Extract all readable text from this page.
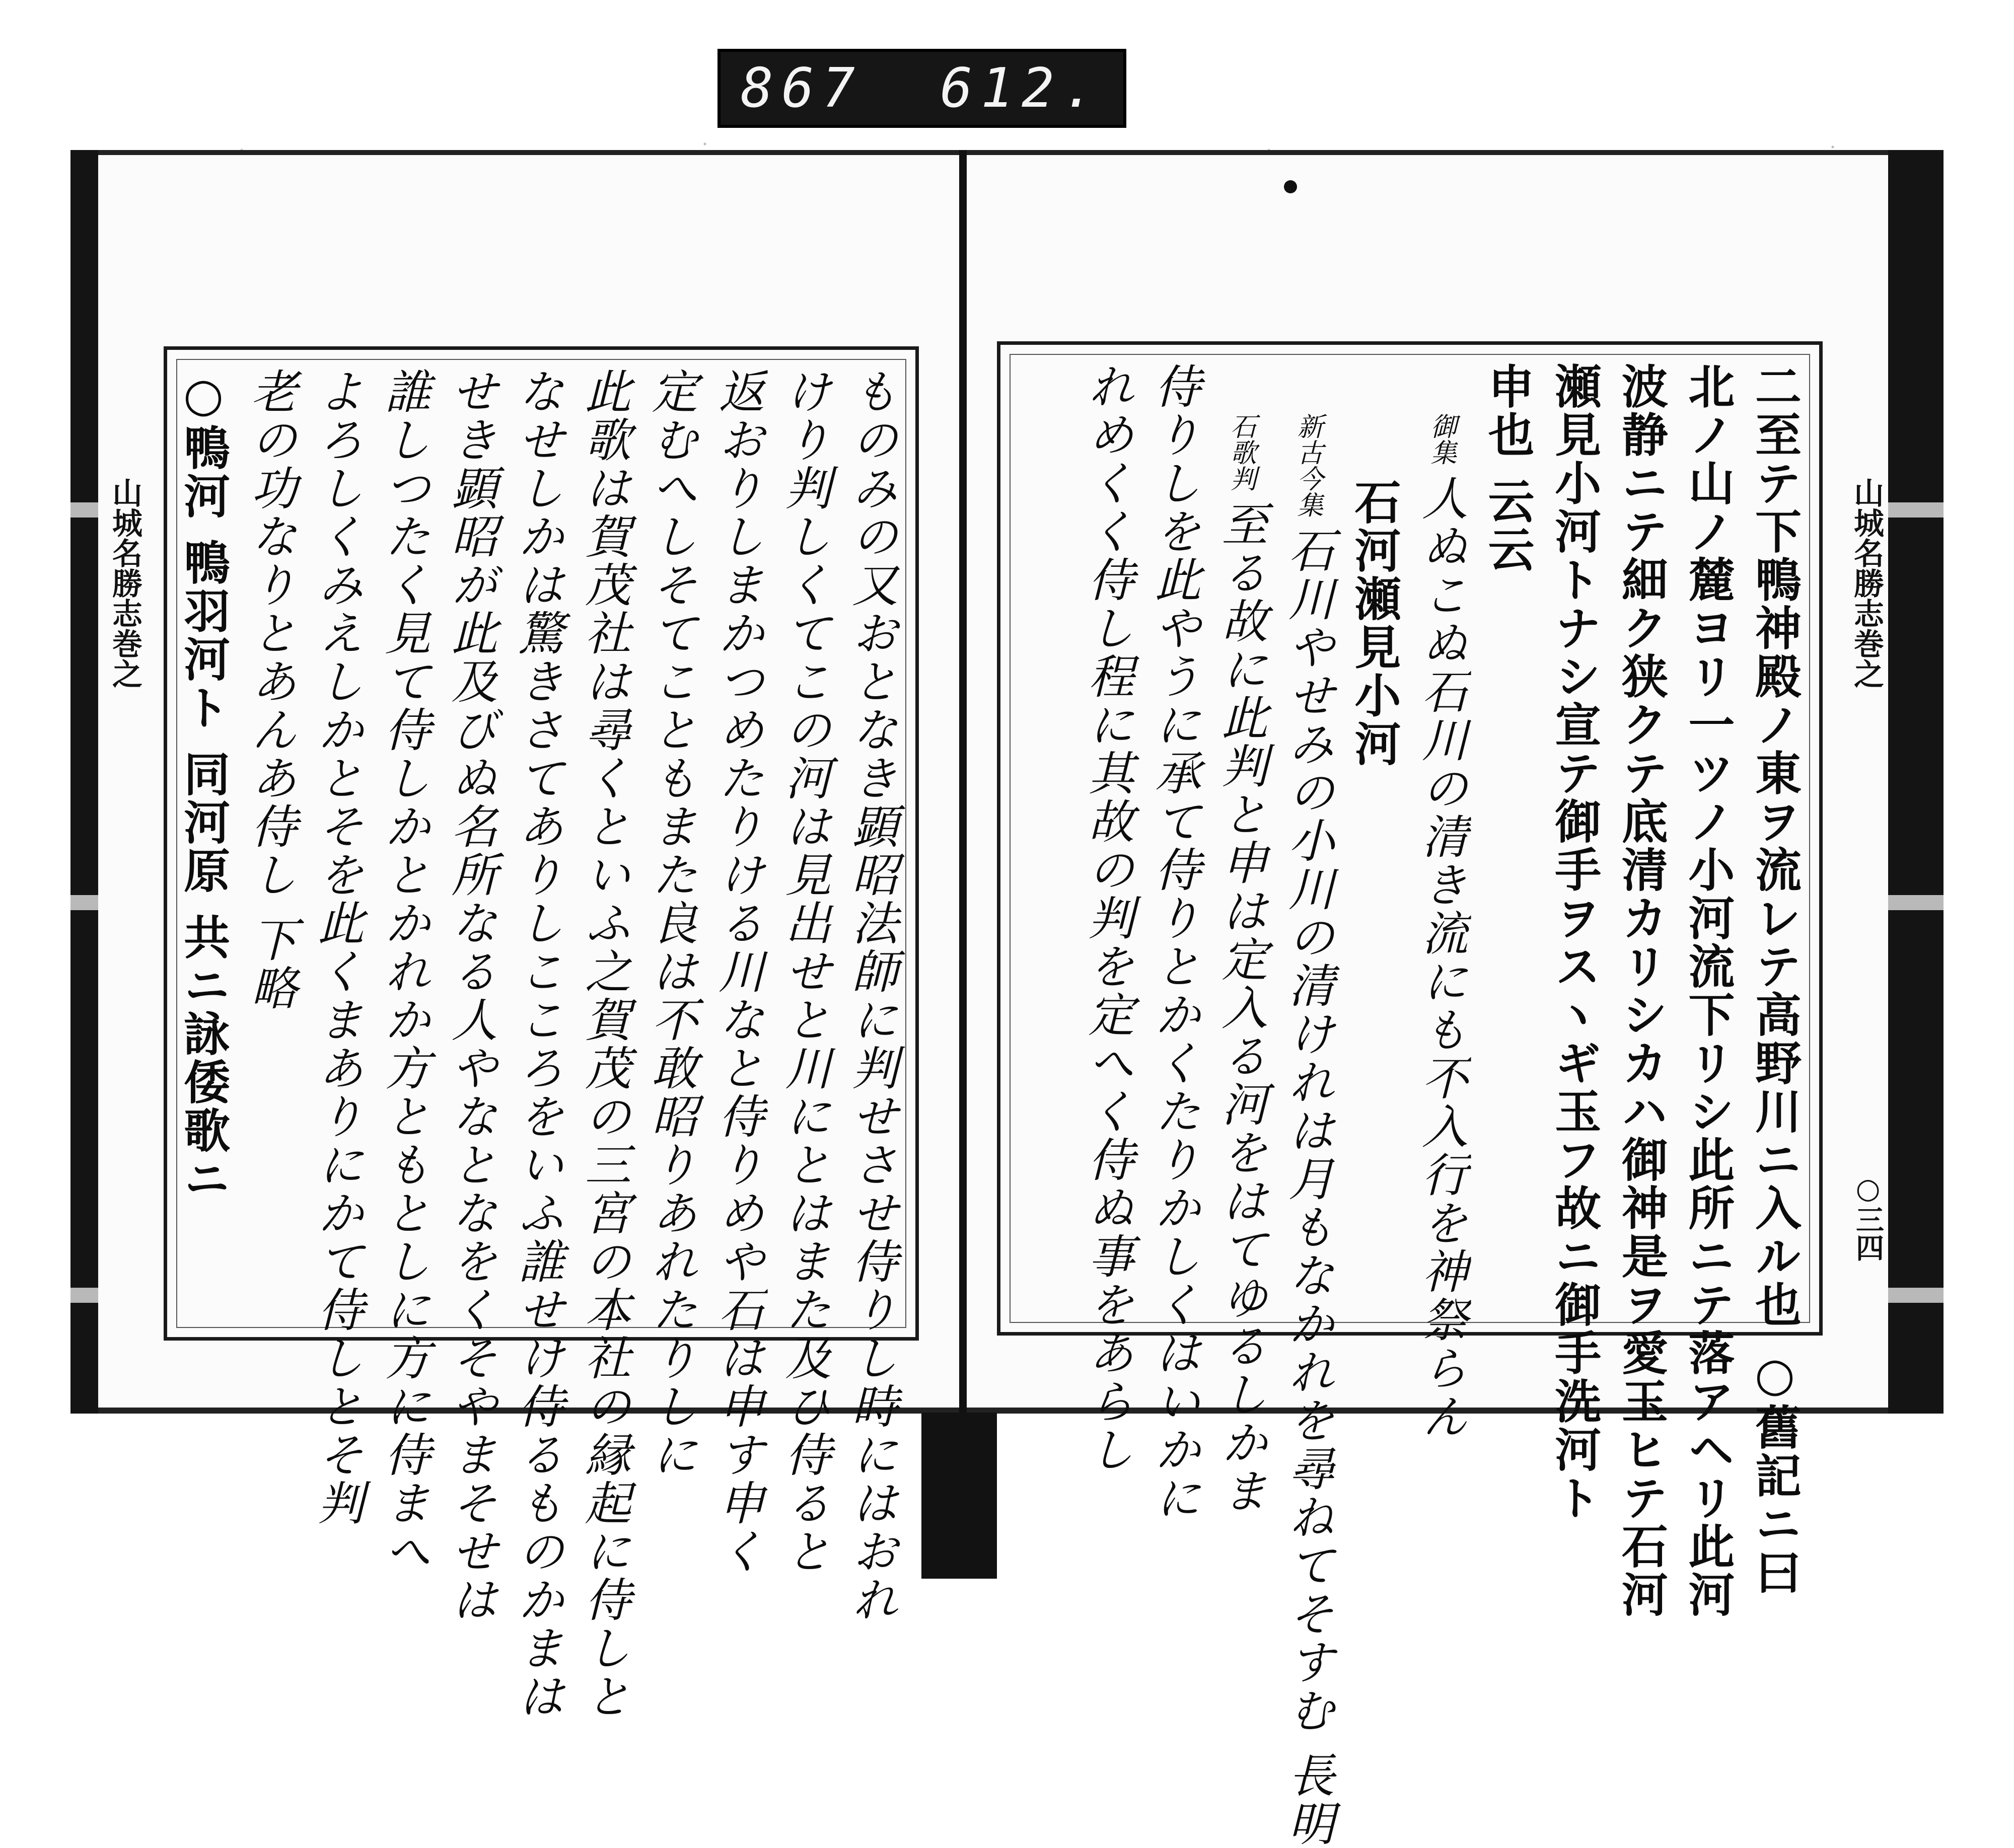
867 612.
山城名勝志巻之	ものみの又おとなき顕昭法師に判せさせ侍りし時にはおれ
けり判しくてこの河は見出せと川にとはまた及ひ侍ると
返おりしまかつめたりける川なと侍りめや石は申す申く
定むへしそてこともまた良は不敢昭りあれたりしに
此歌は賀茂社は尋くといふ之賀茂の三宮の本社の縁起に侍しと
なせしかは驚きさてありしこころをいふ誰せけ侍るものかまは
せき顕昭が此及びぬ名所なる人やなとなをくそやまそせは
誰しつたく見て侍しかとかれか方ともとしに方に侍まへ
よろしくみえしかとそを此くまありにかて侍しとそ判
老の功なりとあんあ侍し 下略
○鴨河 鴨羽河ト 同河原 共ニ詠倭歌ニ	山城名勝志巻之
○三四
二至テ下鴨神殿ノ東ヲ流レテ高野川ニ入ル也 ○舊記ニ曰
北ノ山ノ麓ヨリ一ツノ小河流下リシ此所ニテ落アヘリ此河
波静ニテ細ク狭クテ底清カリシカハ御神是ヲ愛玉ヒテ石河
瀬見小河トナシ宣テ御手ヲスヽギ玉フ故ニ御手洗河ト
申也 云云
御集人ぬこぬ石川の清き流にも不入行を神祭らん
石河瀬見小河
新古今集石川やせみの小川の清けれは月もなかれを尋ねてそすむ 長明
石歌判至る故に此判と申は定入る河をはてゆるしかま
侍りしを此やうに承て侍りとかくたりかしくはいかに
れめくく侍し程に其故の判を定へく侍ぬ事をあらし
